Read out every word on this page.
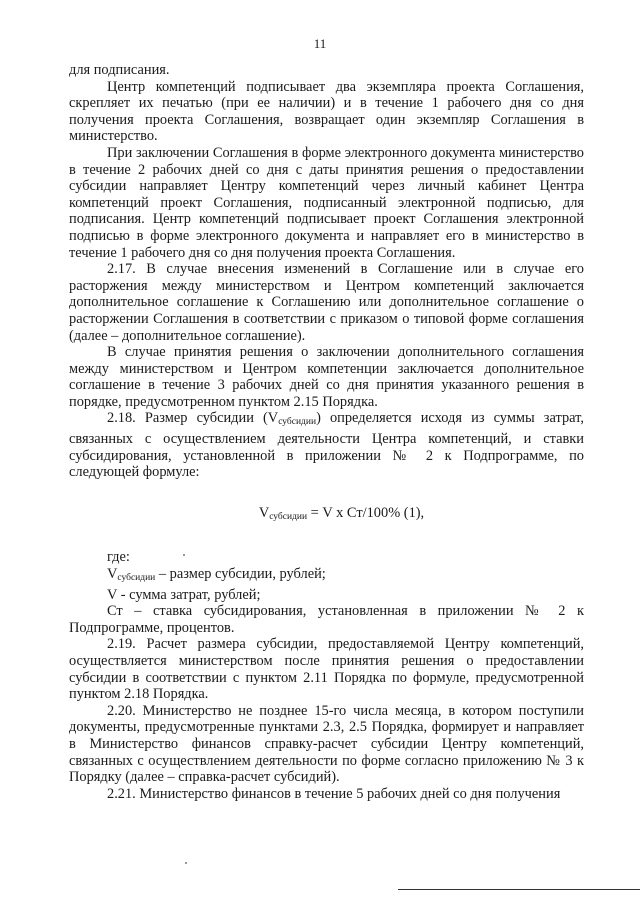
11

для подписания.

Центр компетенций подписывает два экземпляра проекта Соглашения, скрепляет их печатью (при ее наличии) и в течение 1 рабочего дня со дня получения проекта Соглашения, возвращает один экземпляр Соглашения в министерство.

При заключении Соглашения в форме электронного документа министерство в течение 2 рабочих дней со дня с даты принятия решения о предоставлении субсидии направляет Центру компетенций через личный кабинет Центра компетенций проект Соглашения, подписанный электронной подписью, для подписания. Центр компетенций подписывает проект Соглашения электронной подписью в форме электронного документа и направляет его в министерство в течение 1 рабочего дня со дня получения проекта Соглашения.

2.17. В случае внесения изменений в Соглашение или в случае его расторжения между министерством и Центром компетенций заключается дополнительное соглашение к Соглашению или дополнительное соглашение о расторжении Соглашения в соответствии с приказом о типовой форме соглашения (далее – дополнительное соглашение).

В случае принятия решения о заключении дополнительного соглашения между министерством и Центром компетенции заключается дополнительное соглашение в течение 3 рабочих дней со дня принятия указанного решения в порядке, предусмотренном пунктом 2.15 Порядка.

2.18. Размер субсидии $(V_{субсидии})$ определяется исходя из суммы затрат, связанных с осуществлением деятельности Центра компетенций, и ставки субсидирования, установленной в приложении № 2 к Подпрограмме, по следующей формуле:

$V_{субсидии} = V$ x Ст/100% (1),

где:

$V_{субсидии}$ – размер субсидии, рублей;

V - сумма затрат, рублей;

Ст – ставка субсидирования, установленная в приложении № 2 к Подпрограмме, процентов.

2.19. Расчет размера субсидии, предоставляемой Центру компетенций, осуществляется министерством после принятия решения о предоставлении субсидии в соответствии с пунктом 2.11 Порядка по формуле, предусмотренной пунктом 2.18 Порядка.

2.20. Министерство не позднее 15-го числа месяца, в котором поступили документы, предусмотренные пунктами 2.3, 2.5 Порядка, формирует и направляет в Министерство финансов справку-расчет субсидии Центру компетенций, связанных с осуществлением деятельности по форме согласно приложению № 3 к Порядку (далее – справка-расчет субсидий).

2.21. Министерство финансов в течение 5 рабочих дней со дня получения
